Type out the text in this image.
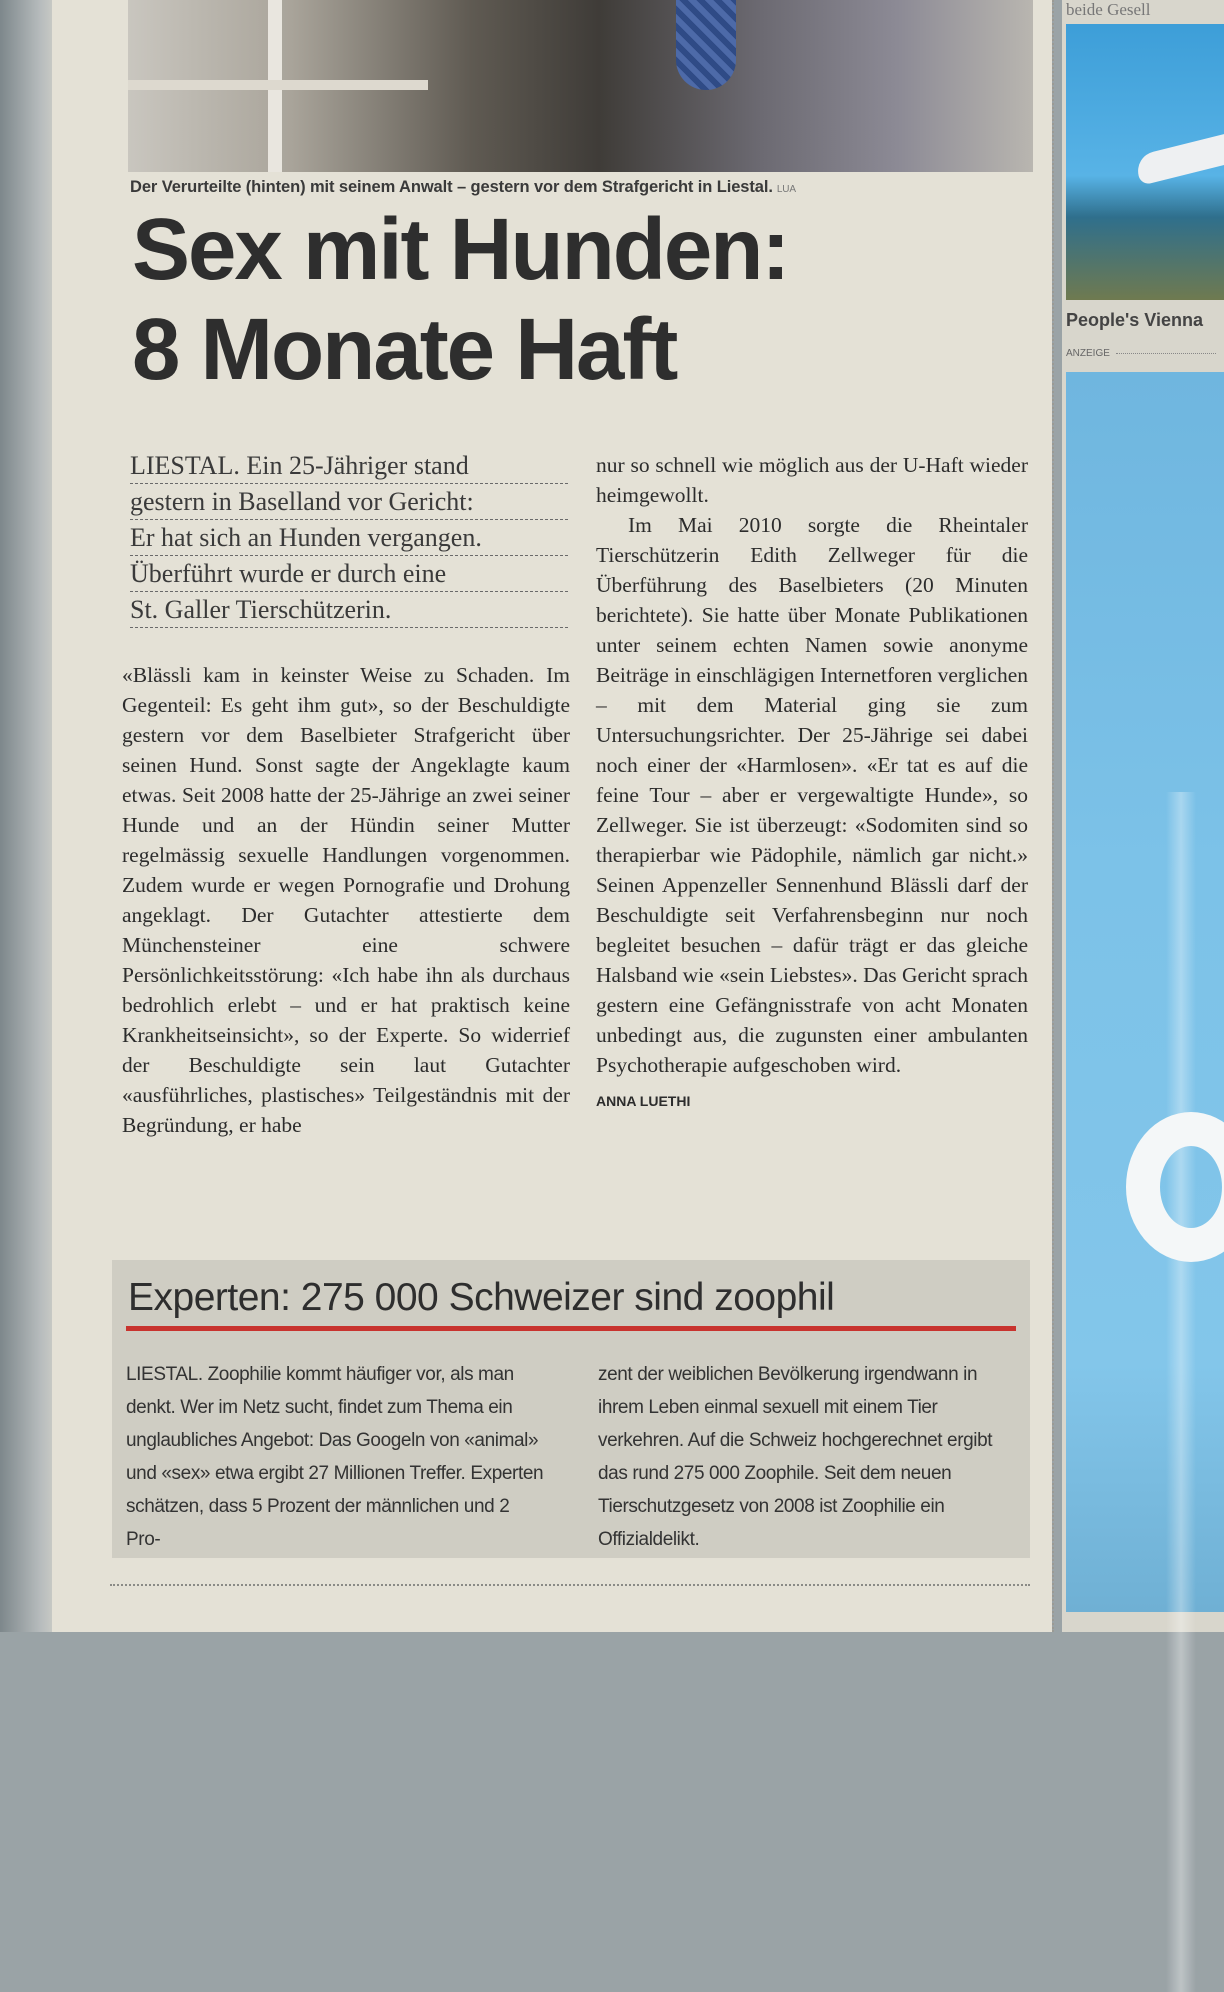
Der Verurteilte (hinten) mit seinem Anwalt – gestern vor dem Strafgericht in Liestal. LUA
Sex mit Hunden:
8 Monate Haft
LIESTAL. Ein 25-Jähriger stand
gestern in Baselland vor Gericht:
Er hat sich an Hunden vergangen.
Überführt wurde er durch eine
St. Galler Tierschützerin.

«Blässli kam in keinster Weise zu Schaden. Im Gegenteil: Es geht ihm gut», so der Beschuldigte gestern vor dem Baselbieter Strafgericht über seinen Hund. Sonst sagte der Angeklagte kaum etwas. Seit 2008 hatte der 25-Jährige an zwei seiner Hunde und an der Hündin seiner Mutter regelmässig sexuelle Handlungen vorgenommen. Zudem wurde er wegen Pornografie und Drohung angeklagt. Der Gutachter attestierte dem Münchensteiner eine schwere Persönlichkeitsstörung: «Ich habe ihn als durchaus bedrohlich erlebt – und er hat praktisch keine Krankheitseinsicht», so der Experte. So widerrief der Beschuldigte sein laut Gutachter «ausführliches, plastisches» Teilgeständnis mit der Begründung, er habe

nur so schnell wie möglich aus der U-Haft wieder heimgewollt.

Im Mai 2010 sorgte die Rheintaler Tierschützerin Edith Zellweger für die Überführung des Baselbieters (20 Minuten berichtete). Sie hatte über Monate Publikationen unter seinem echten Namen sowie anonyme Beiträge in einschlägigen Internetforen verglichen – mit dem Material ging sie zum Untersuchungsrichter. Der 25-Jährige sei dabei noch einer der «Harmlosen». «Er tat es auf die feine Tour – aber er vergewaltigte Hunde», so Zellweger. Sie ist überzeugt: «Sodomiten sind so therapierbar wie Pädophile, nämlich gar nicht.» Seinen Appenzeller Sennenhund Blässli darf der Beschuldigte seit Verfahrensbeginn nur noch begleitet besuchen – dafür trägt er das gleiche Halsband wie «sein Liebstes». Das Gericht sprach gestern eine Gefängnisstrafe von acht Monaten unbedingt aus, die zugunsten einer ambulanten Psychotherapie aufgeschoben wird.

ANNA LUETHI
Experten: 275 000 Schweizer sind zoophil
LIESTAL. Zoophilie kommt häufiger vor, als man denkt. Wer im Netz sucht, findet zum Thema ein unglaubliches Angebot: Das Googeln von «animal» und «sex» etwa ergibt 27 Millionen Treffer. Experten schätzen, dass 5 Prozent der männlichen und 2 Pro-
zent der weiblichen Bevölkerung irgendwann in ihrem Leben einmal sexuell mit einem Tier verkehren. Auf die Schweiz hochgerechnet ergibt das rund 275 000 Zoophile. Seit dem neuen Tierschutzgesetz von 2008 ist Zoophilie ein Offizialdelikt.
beide Gesell
People's Vienna
ANZEIGE
